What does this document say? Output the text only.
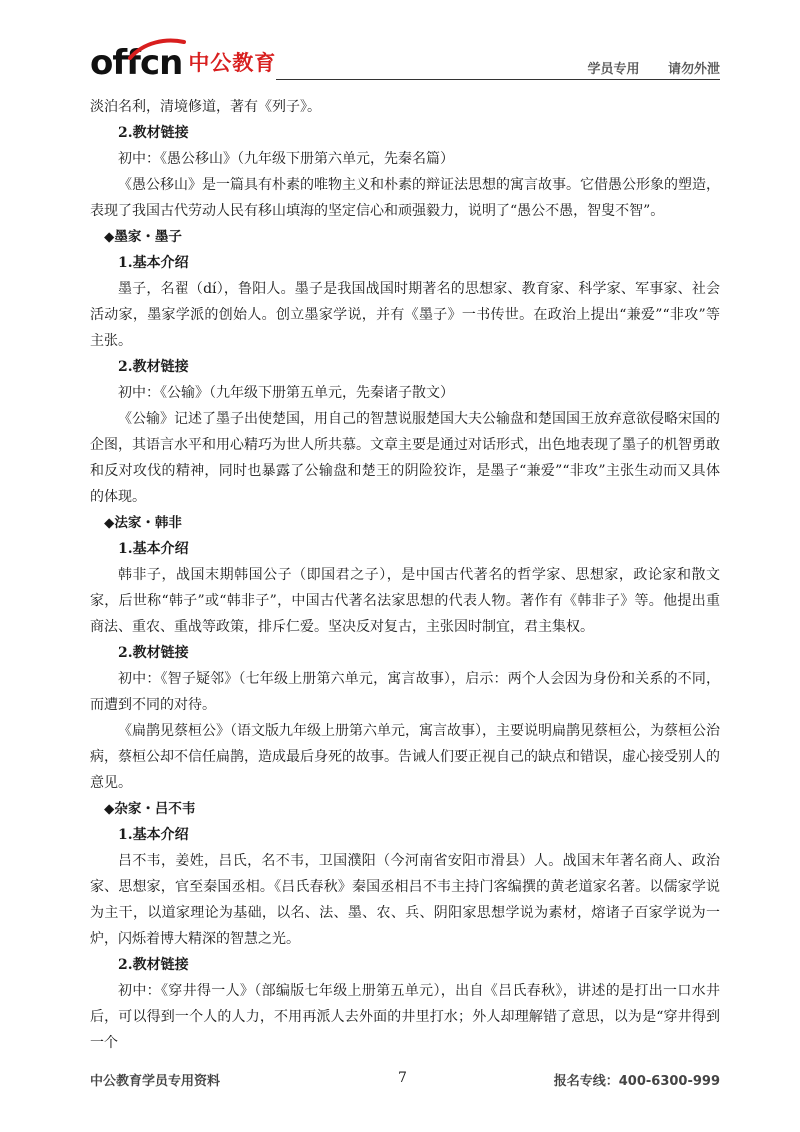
offcn 中公教育	学员专用 请勿外泄

淡泊名利，清境修道，著有《列子》。

2.教材链接

初中：《愚公移山》（九年级下册第六单元，先秦名篇）

《愚公移山》是一篇具有朴素的唯物主义和朴素的辩证法思想的寓言故事。它借愚公形象的塑造，表现了我国古代劳动人民有移山填海的坚定信心和顽强毅力，说明了“愚公不愚，智叟不智”。

◆墨家・墨子

1.基本介绍

墨子，名翟（dí），鲁阳人。墨子是我国战国时期著名的思想家、教育家、科学家、军事家、社会活动家，墨家学派的创始人。创立墨家学说，并有《墨子》一书传世。在政治上提出“兼爱”“非攻”等主张。

2.教材链接

初中：《公输》（九年级下册第五单元，先秦诸子散文）

《公输》记述了墨子出使楚国，用自己的智慧说服楚国大夫公输盘和楚国国王放弃意欲侵略宋国的企图，其语言水平和用心精巧为世人所共慕。文章主要是通过对话形式，出色地表现了墨子的机智勇敢和反对攻伐的精神，同时也暴露了公输盘和楚王的阴险狡诈，是墨子“兼爱”“非攻”主张生动而又具体的体现。

◆法家・韩非

1.基本介绍

韩非子，战国末期韩国公子（即国君之子），是中国古代著名的哲学家、思想家，政论家和散文家，后世称“韩子”或“韩非子”，中国古代著名法家思想的代表人物。著作有《韩非子》等。他提出重商法、重农、重战等政策，排斥仁爱。坚决反对复古，主张因时制宜，君主集权。

2.教材链接

初中：《智子疑邻》（七年级上册第六单元，寓言故事），启示：两个人会因为身份和关系的不同，而遭到不同的对待。

《扁鹊见蔡桓公》（语文版九年级上册第六单元，寓言故事），主要说明扁鹊见蔡桓公，为蔡桓公治病，蔡桓公却不信任扁鹊，造成最后身死的故事。告诫人们要正视自己的缺点和错误，虚心接受别人的意见。

◆杂家・吕不韦

1.基本介绍

吕不韦，姜姓，吕氏，名不韦，卫国濮阳（今河南省安阳市滑县）人。战国末年著名商人、政治家、思想家，官至秦国丞相。《吕氏春秋》秦国丞相吕不韦主持门客编撰的黄老道家名著。以儒家学说为主干，以道家理论为基础，以名、法、墨、农、兵、阴阳家思想学说为素材，熔诸子百家学说为一炉，闪烁着博大精深的智慧之光。

2.教材链接

初中：《穿井得一人》（部编版七年级上册第五单元），出自《吕氏春秋》，讲述的是打出一口水井后，可以得到一个人的人力，不用再派人去外面的井里打水；外人却理解错了意思，以为是“穿井得到一个

中公教育学员专用资料	7	报名专线：400-6300-999
